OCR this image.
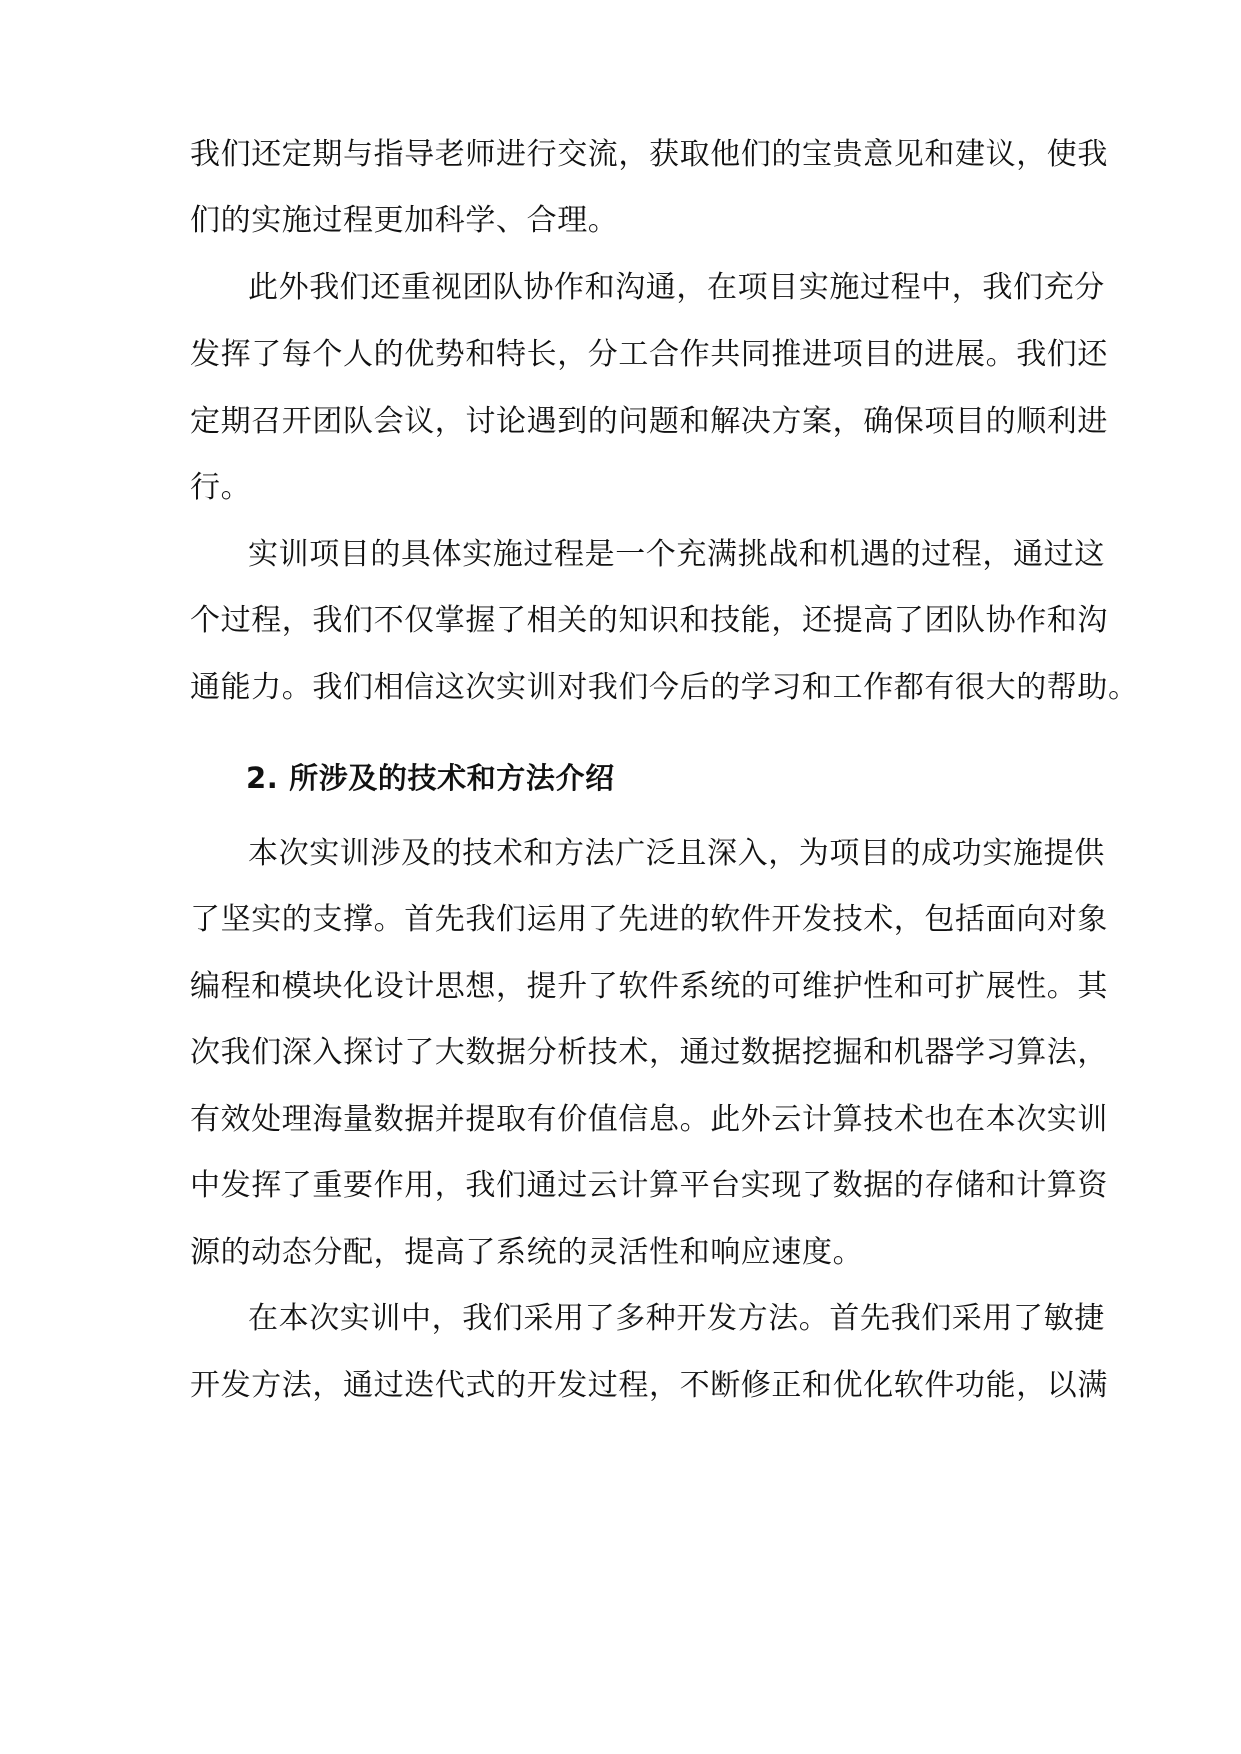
我们还定期与指导老师进行交流，获取他们的宝贵意见和建议，使我
们的实施过程更加科学、合理。
此外我们还重视团队协作和沟通，在项目实施过程中，我们充分
发挥了每个人的优势和特长，分工合作共同推进项目的进展。我们还
定期召开团队会议，讨论遇到的问题和解决方案，确保项目的顺利进
行。
实训项目的具体实施过程是一个充满挑战和机遇的过程，通过这
个过程，我们不仅掌握了相关的知识和技能，还提高了团队协作和沟
通能力。我们相信这次实训对我们今后的学习和工作都有很大的帮助。
2. 所涉及的技术和方法介绍
本次实训涉及的技术和方法广泛且深入，为项目的成功实施提供
了坚实的支撑。首先我们运用了先进的软件开发技术，包括面向对象
编程和模块化设计思想，提升了软件系统的可维护性和可扩展性。其
次我们深入探讨了大数据分析技术，通过数据挖掘和机器学习算法，
有效处理海量数据并提取有价值信息。此外云计算技术也在本次实训
中发挥了重要作用，我们通过云计算平台实现了数据的存储和计算资
源的动态分配，提高了系统的灵活性和响应速度。
在本次实训中，我们采用了多种开发方法。首先我们采用了敏捷
开发方法，通过迭代式的开发过程，不断修正和优化软件功能，以满
